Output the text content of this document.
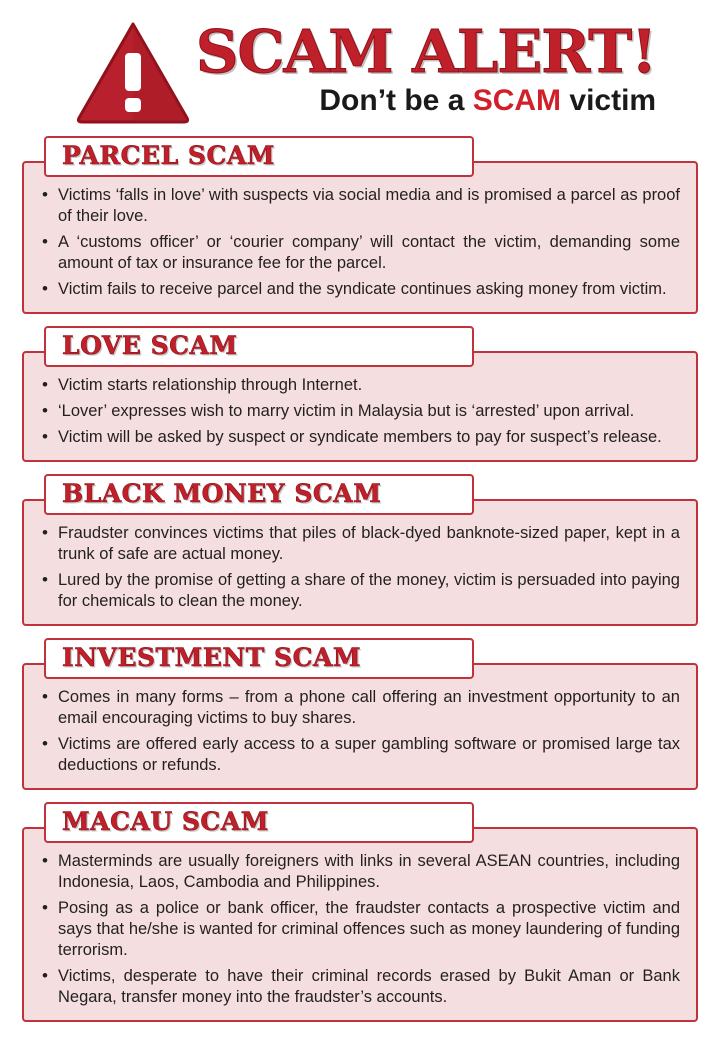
SCAM ALERT!
Don’t be a SCAM victim
PARCEL SCAM
• Victims ‘falls in love’ with suspects via social media and is promised a parcel as proof of their love.
• A ‘customs officer’ or ‘courier company’ will contact the victim, demanding some amount of tax or insurance fee for the parcel.
• Victim fails to receive parcel and the syndicate continues asking money from victim.
LOVE SCAM
• Victim starts relationship through Internet.
• ‘Lover’ expresses wish to marry victim in Malaysia but is ‘arrested’ upon arrival.
• Victim will be asked by suspect or syndicate members to pay for suspect’s release.
BLACK MONEY SCAM
• Fraudster convinces victims that piles of black-dyed banknote-sized paper, kept in a trunk of safe are actual money.
• Lured by the promise of getting a share of the money, victim is persuaded into paying for chemicals to clean the money.
INVESTMENT SCAM
• Comes in many forms – from a phone call offering an investment opportunity to an email encouraging victims to buy shares.
• Victims are offered early access to a super gambling software or promised large tax deductions or refunds.
MACAU SCAM
• Masterminds are usually foreigners with links in several ASEAN countries, including Indonesia, Laos, Cambodia and Philippines.
• Posing as a police or bank officer, the fraudster contacts a prospective victim and says that he/she is wanted for criminal offences such as money laundering of funding terrorism.
• Victims, desperate to have their criminal records erased by Bukit Aman or Bank Negara, transfer money into the fraudster’s accounts.
